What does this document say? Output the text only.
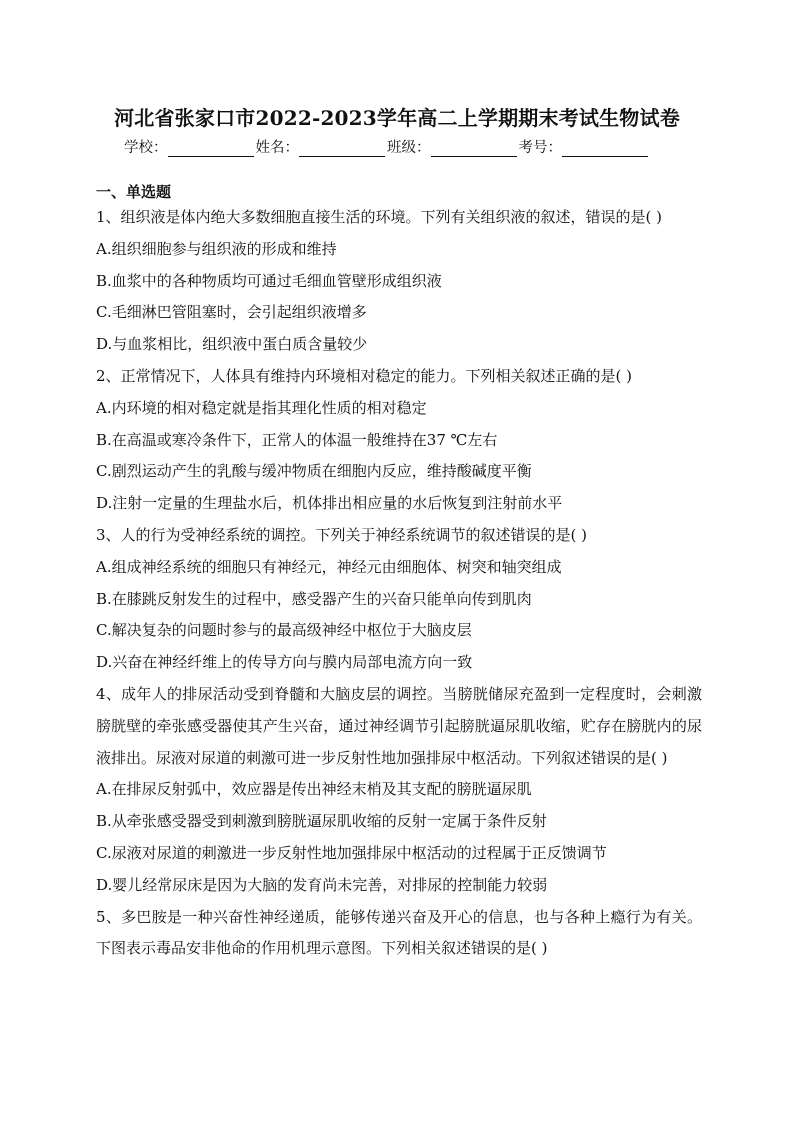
河北省张家口市2022-2023学年高二上学期期末考试生物试卷
学校：	姓名：	班级：	考号：
一、单选题

1、组织液是体内绝大多数细胞直接生活的环境。下列有关组织液的叙述，错误的是( )

A.组织细胞参与组织液的形成和维持

B.血浆中的各种物质均可通过毛细血管壁形成组织液

C.毛细淋巴管阻塞时，会引起组织液增多

D.与血浆相比，组织液中蛋白质含量较少

2、正常情况下，人体具有维持内环境相对稳定的能力。下列相关叙述正确的是( )

A.内环境的相对稳定就是指其理化性质的相对稳定

B.在高温或寒冷条件下，正常人的体温一般维持在37 ℃左右

C.剧烈运动产生的乳酸与缓冲物质在细胞内反应，维持酸碱度平衡

D.注射一定量的生理盐水后，机体排出相应量的水后恢复到注射前水平

3、人的行为受神经系统的调控。下列关于神经系统调节的叙述错误的是( )

A.组成神经系统的细胞只有神经元，神经元由细胞体、树突和轴突组成

B.在膝跳反射发生的过程中，感受器产生的兴奋只能单向传到肌肉

C.解决复杂的问题时参与的最高级神经中枢位于大脑皮层

D.兴奋在神经纤维上的传导方向与膜内局部电流方向一致

4、成年人的排尿活动受到脊髓和大脑皮层的调控。当膀胱储尿充盈到一定程度时，会刺激膀胱壁的牵张感受器使其产生兴奋，通过神经调节引起膀胱逼尿肌收缩，贮存在膀胱内的尿液排出。尿液对尿道的刺激可进一步反射性地加强排尿中枢活动。下列叙述错误的是( )

A.在排尿反射弧中，效应器是传出神经末梢及其支配的膀胱逼尿肌

B.从牵张感受器受到刺激到膀胱逼尿肌收缩的反射一定属于条件反射

C.尿液对尿道的刺激进一步反射性地加强排尿中枢活动的过程属于正反馈调节

D.婴儿经常尿床是因为大脑的发育尚未完善，对排尿的控制能力较弱

5、多巴胺是一种兴奋性神经递质，能够传递兴奋及开心的信息，也与各种上瘾行为有关。下图表示毒品安非他命的作用机理示意图。下列相关叙述错误的是( )
